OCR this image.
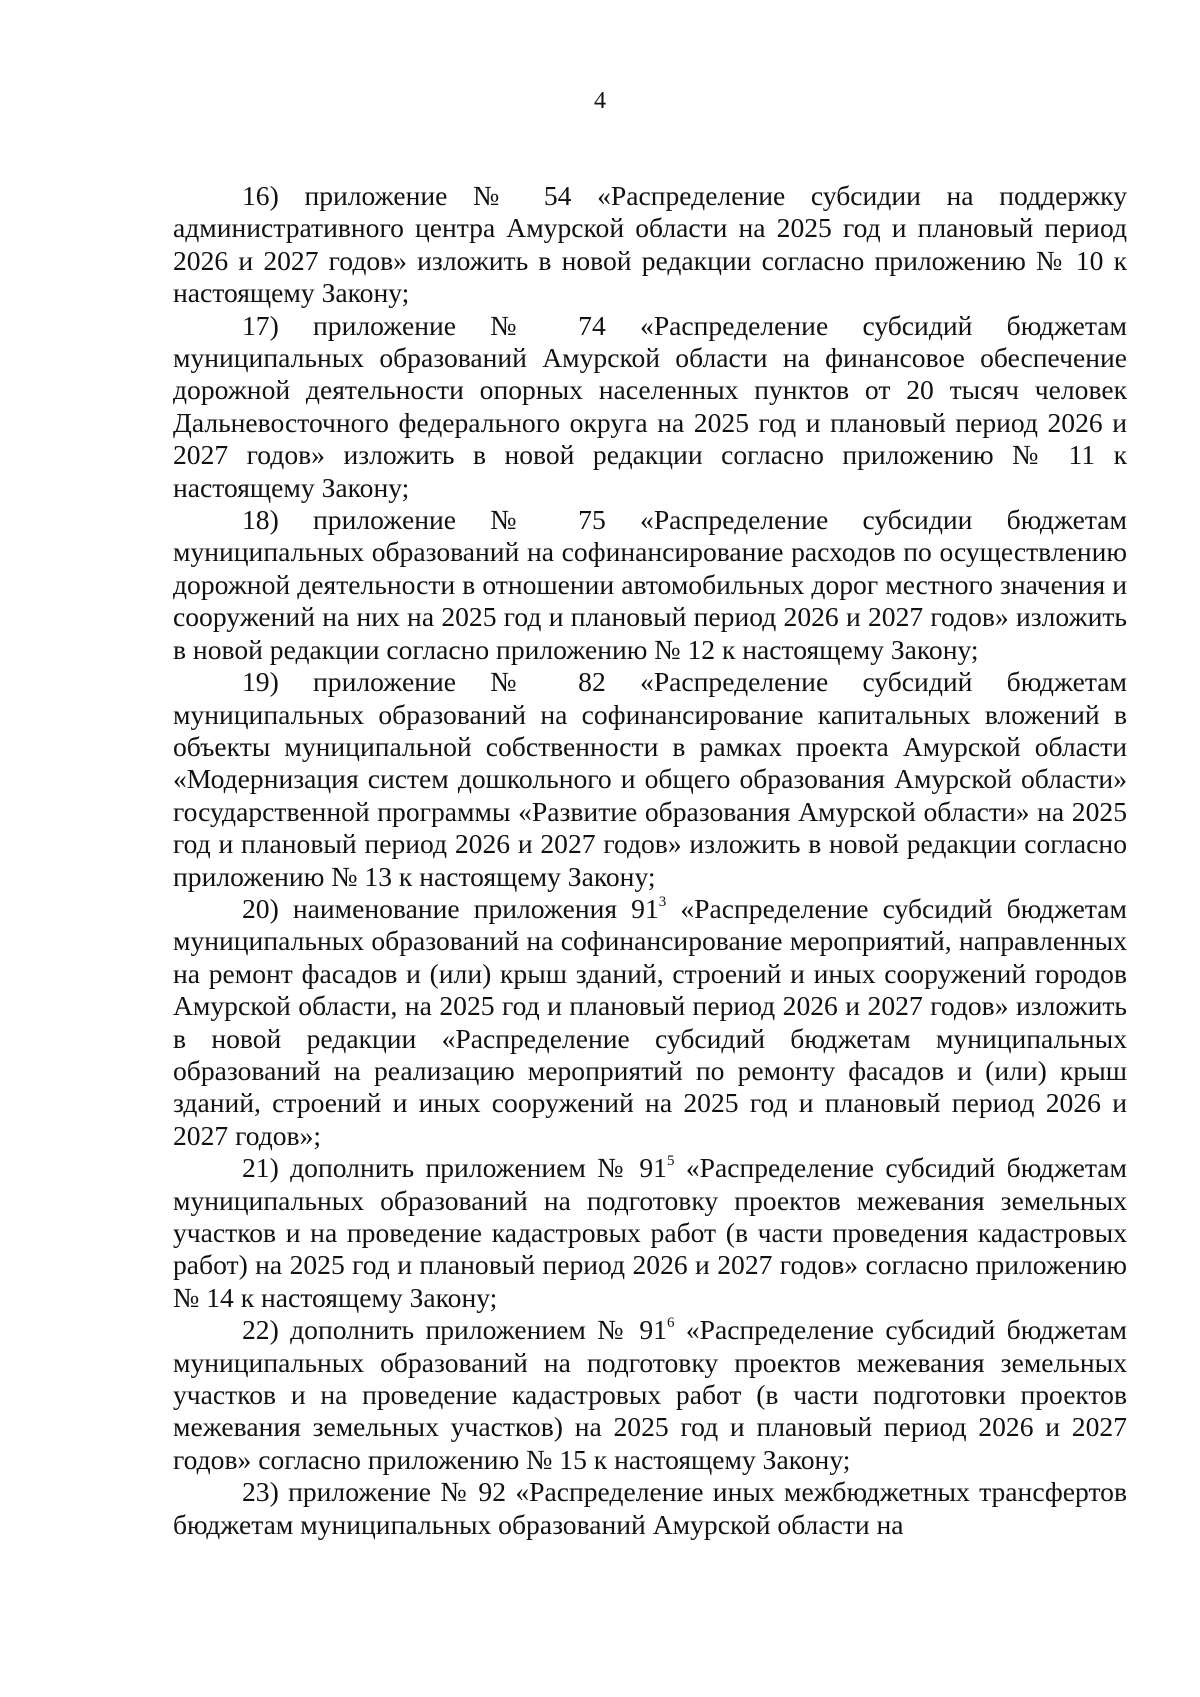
4

16) приложение № 54 «Распределение субсидии на поддержку административного центра Амурской области на 2025 год и плановый период 2026 и 2027 годов» изложить в новой редакции согласно приложению № 10 к настоящему Закону;

17) приложение № 74 «Распределение субсидий бюджетам муниципальных образований Амурской области на финансовое обеспечение дорожной деятельности опорных населенных пунктов от 20 тысяч человек Дальневосточного федерального округа на 2025 год и плановый период 2026 и 2027 годов» изложить в новой редакции согласно приложению № 11 к настоящему Закону;

18) приложение № 75 «Распределение субсидии бюджетам муниципальных образований на софинансирование расходов по осуществлению дорожной деятельности в отношении автомобильных дорог местного значения и сооружений на них на 2025 год и плановый период 2026 и 2027 годов» изложить в новой редакции согласно приложению № 12 к настоящему Закону;

19) приложение № 82 «Распределение субсидий бюджетам муниципальных образований на софинансирование капитальных вложений в объекты муниципальной собственности в рамках проекта Амурской области «Модернизация систем дошкольного и общего образования Амурской области» государственной программы «Развитие образования Амурской области» на 2025 год и плановый период 2026 и 2027 годов» изложить в новой редакции согласно приложению № 13 к настоящему Закону;

20) наименование приложения $91^3$ «Распределение субсидий бюджетам муниципальных образований на софинансирование мероприятий, направленных на ремонт фасадов и (или) крыш зданий, строений и иных сооружений городов Амурской области, на 2025 год и плановый период 2026 и 2027 годов» изложить в новой редакции «Распределение субсидий бюджетам муниципальных образований на реализацию мероприятий по ремонту фасадов и (или) крыш зданий, строений и иных сооружений на 2025 год и плановый период 2026 и 2027 годов»;

21) дополнить приложением № $91^5$ «Распределение субсидий бюджетам муниципальных образований на подготовку проектов межевания земельных участков и на проведение кадастровых работ (в части проведения кадастровых работ) на 2025 год и плановый период 2026 и 2027 годов» согласно приложению № 14 к настоящему Закону;

22) дополнить приложением № $91^6$ «Распределение субсидий бюджетам муниципальных образований на подготовку проектов межевания земельных участков и на проведение кадастровых работ (в части подготовки проектов межевания земельных участков) на 2025 год и плановый период 2026 и 2027 годов» согласно приложению № 15 к настоящему Закону;

23) приложение № 92 «Распределение иных межбюджетных трансфертов бюджетам муниципальных образований Амурской области на
